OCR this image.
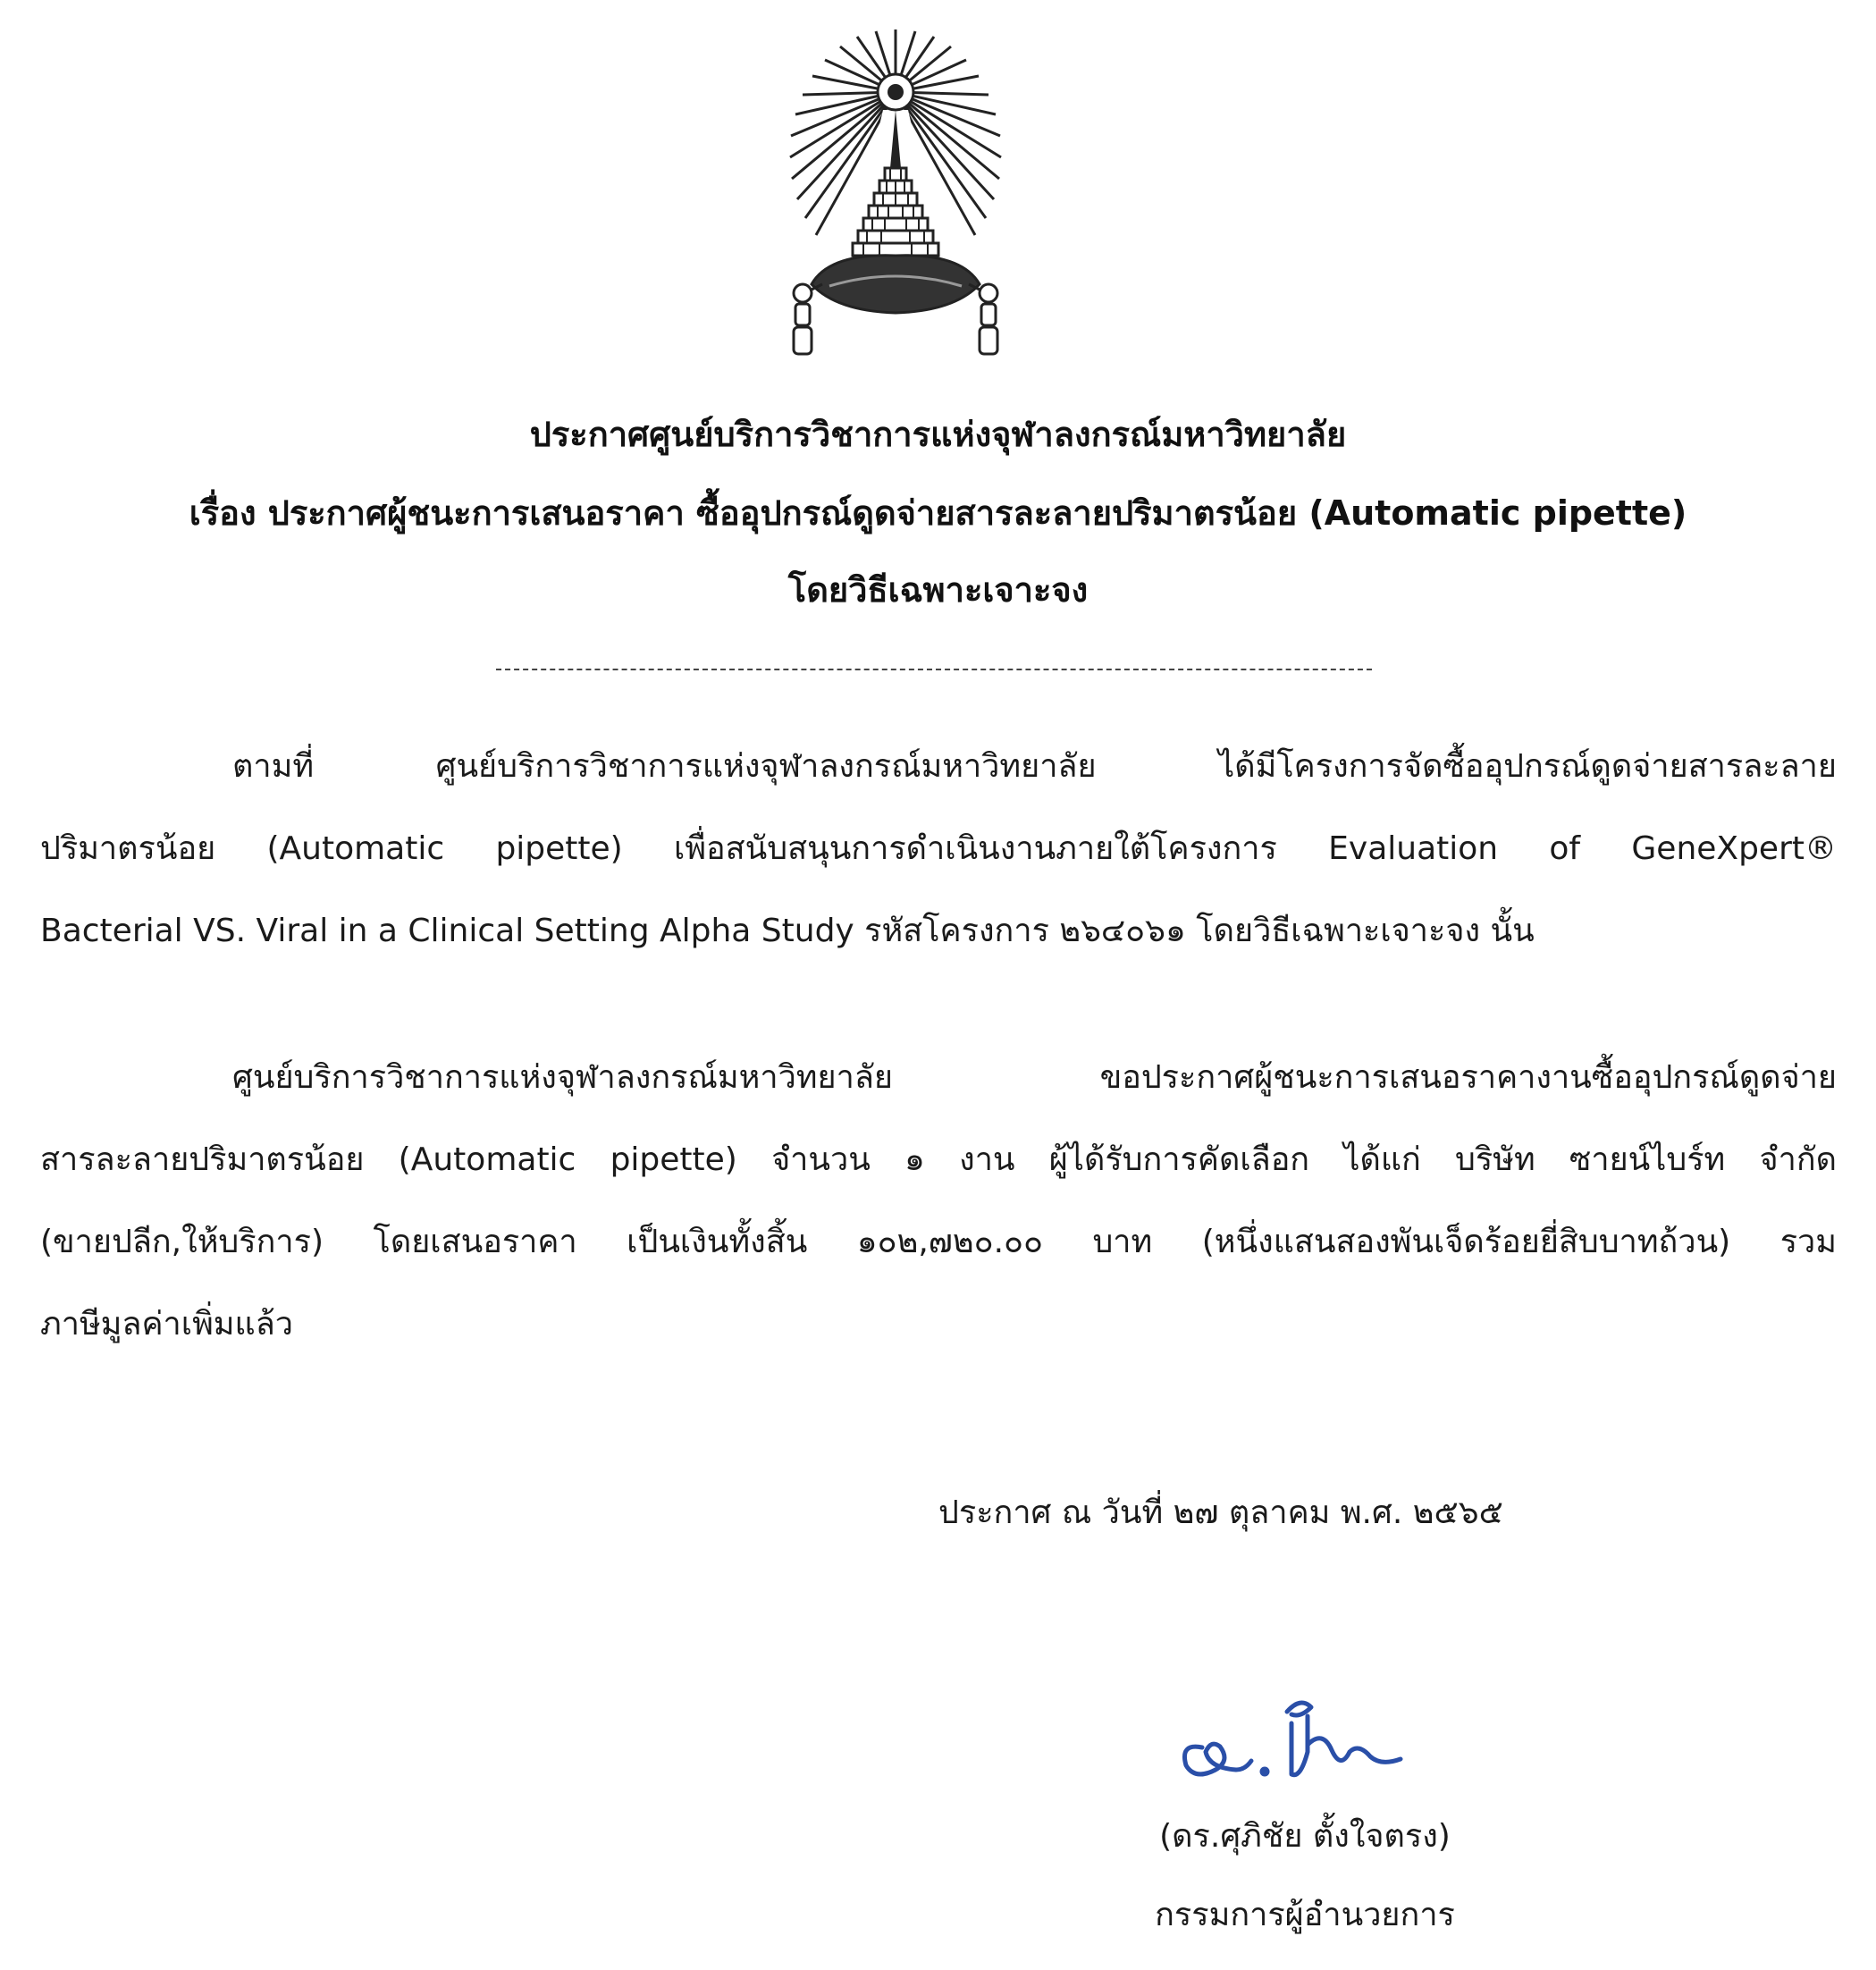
ประกาศศูนย์บริการวิชาการแห่งจุฬาลงกรณ์มหาวิทยาลัย
เรื่อง ประกาศผู้ชนะการเสนอราคา ซื้ออุปกรณ์ดูดจ่ายสารละลายปริมาตรน้อย (Automatic pipette)
โดยวิธีเฉพาะเจาะจง
ตามที่ ศูนย์บริการวิชาการแห่งจุฬาลงกรณ์มหาวิทยาลัย ได้มีโครงการจัดซื้ออุปกรณ์ดูดจ่ายสารละลาย
ปริมาตรน้อย (Automatic pipette) เพื่อสนับสนุนการดำเนินงานภายใต้โครงการ Evaluation of GeneXpert®
Bacterial VS. Viral in a Clinical Setting Alpha Study รหัสโครงการ ๒๖๔๐๖๑ โดยวิธีเฉพาะเจาะจง นั้น
ศูนย์บริการวิชาการแห่งจุฬาลงกรณ์มหาวิทยาลัย ขอประกาศผู้ชนะการเสนอราคางานซื้ออุปกรณ์ดูดจ่าย
สารละลายปริมาตรน้อย (Automatic pipette) จำนวน ๑ งาน ผู้ได้รับการคัดเลือก ได้แก่ บริษัท ซายน์ไบร์ท จำกัด
(ขายปลีก,ให้บริการ) โดยเสนอราคา เป็นเงินทั้งสิ้น ๑๐๒,๗๒๐.๐๐ บาท (หนึ่งแสนสองพันเจ็ดร้อยยี่สิบบาทถ้วน) รวม
ภาษีมูลค่าเพิ่มแล้ว
ประกาศ ณ วันที่ ๒๗ ตุลาคม พ.ศ. ๒๕๖๕
(ดร.ศุภิชัย ตั้งใจตรง)
กรรมการผู้อำนวยการ
